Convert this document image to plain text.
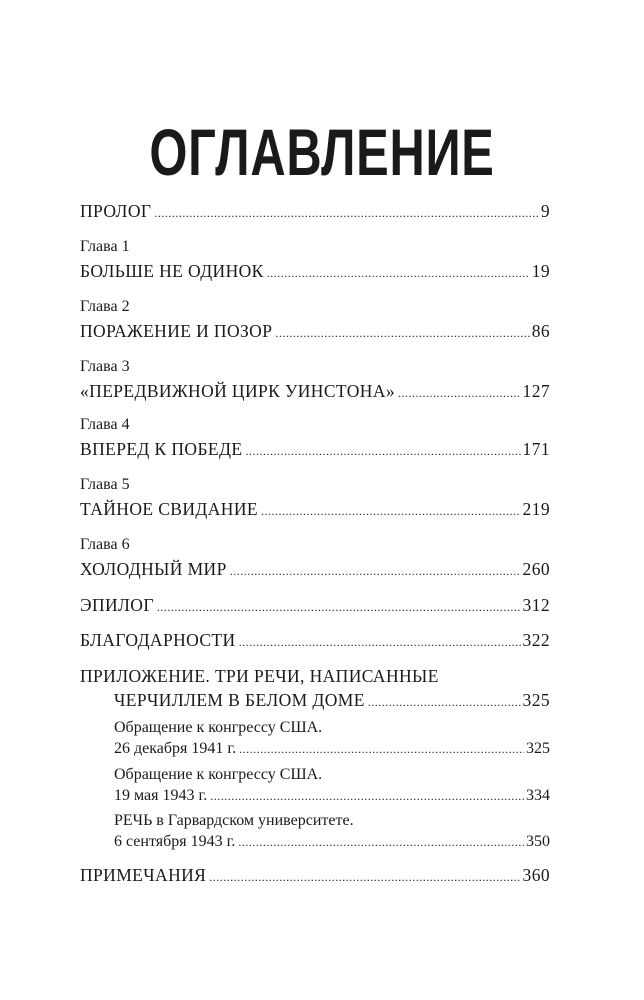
ОГЛАВЛЕНИЕ
ПРОЛОГ .....	9
Глава 1
БОЛЬШЕ НЕ ОДИНОК .....	19
Глава 2
ПОРАЖЕНИЕ И ПОЗОР .....	86
Глава 3
«ПЕРЕДВИЖНОЙ ЦИРК УИНСТОНА» .....	127
Глава 4
ВПЕРЕД К ПОБЕДЕ .....	171
Глава 5
ТАЙНОЕ СВИДАНИЕ .....	219
Глава 6
ХОЛОДНЫЙ МИР .....	260
ЭПИЛОГ .....	312
БЛАГОДАРНОСТИ .....	322
ПРИЛОЖЕНИЕ. ТРИ РЕЧИ, НАПИСАННЫЕ
ЧЕРЧИЛЛЕМ В БЕЛОМ ДОМЕ .....	325
Обращение к конгрессу США.
26 декабря 1941 г. .....	325
Обращение к конгрессу США.
19 мая 1943 г. .....	334
РЕЧЬ в Гарвардском университете.
6 сентября 1943 г. .....	350
ПРИМЕЧАНИЯ .....	360
